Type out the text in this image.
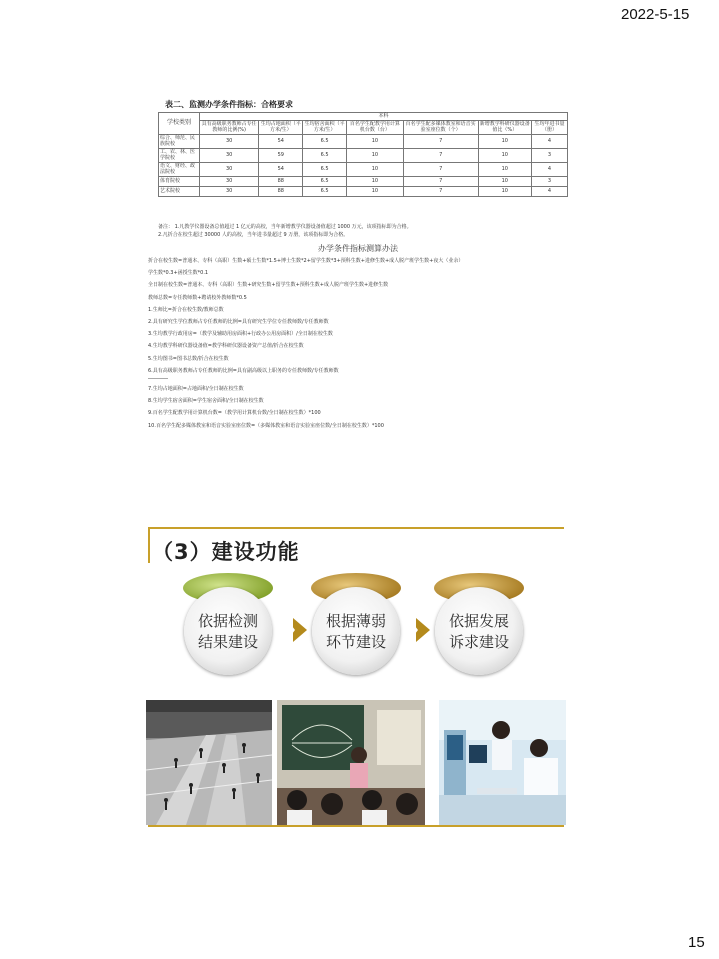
2022-5-15
表二、监测办学条件指标：合格要求
学校类别	本科						
	具有高级职务教师占专任教师的比例(%)	生均占地面积（平方米/生）	生均宿舍面积（平方米/生）	百名学生配教学用计算机台数（台）	百名学生配多媒体教室和语音实验室座位数（个）	新增教学科研仪器设备值比（%）	生均年进书量（册）
综合、师范、民族院校	30	54	6.5	10	7	10	4
工、农、林、医学院校	30	59	6.5	10	7	10	3
语文、财经、政法院校	30	54	6.5	10	7	10	4
体育院校	30	88	6.5	10	7	10	3
艺术院校	30	88	6.5	10	7	10	4
备注： 1.凡教学仪器设备总值超过 1 亿元的高校，当年新增教学仪器设备值超过 1000 万元，该项指标即为合格。
2.凡折合在校生超过 30000 人的高校，当年进书量超过 9 万册，该项指标即为合格。
办学条件指标测算办法
折合在校生数=普通本、专科（高职）生数+硕士生数*1.5+博士生数*2+留学生数*3+预科生数+进修生数+成人脱产班学生数+夜大（业余）
学生数*0.3+函授生数*0.1
全日制在校生数=普通本、专科（高职）生数+研究生数+留学生数+预科生数+成人脱产班学生数+进修生数
教师总数=专任教师数+聘请校外教师数*0.5
1.生师比=折合在校生数/教师总数
2.具有研究生学位教师占专任教师的比例=具有研究生学位专任教师数/专任教师数
3.生均教学行政用房=（教学及辅助用房面积+行政办公用房面积）/全日制在校生数
4.生均教学科研仪器设备值=教学科研仪器设备资产总值/折合在校生数
5.生均图书=图书总数/折合在校生数
6.具有高级职务教师占专任教师的比例=具有副高级以上职务的专任教师数/专任教师数
7.生均占地面积=占地面积/全日制在校生数
8.生均学生宿舍面积=学生宿舍面积/全日制在校生数
9.百名学生配教学用计算机台数=（教学用计算机台数/全日制在校生数）*100
10.百名学生配多媒体教室和语音实验室座位数=（多媒体教室和语音实验室座位数/全日制在校生数）*100
（3）建设功能
依据检测
结果建设
根据薄弱
环节建设
依据发展
诉求建设
15
